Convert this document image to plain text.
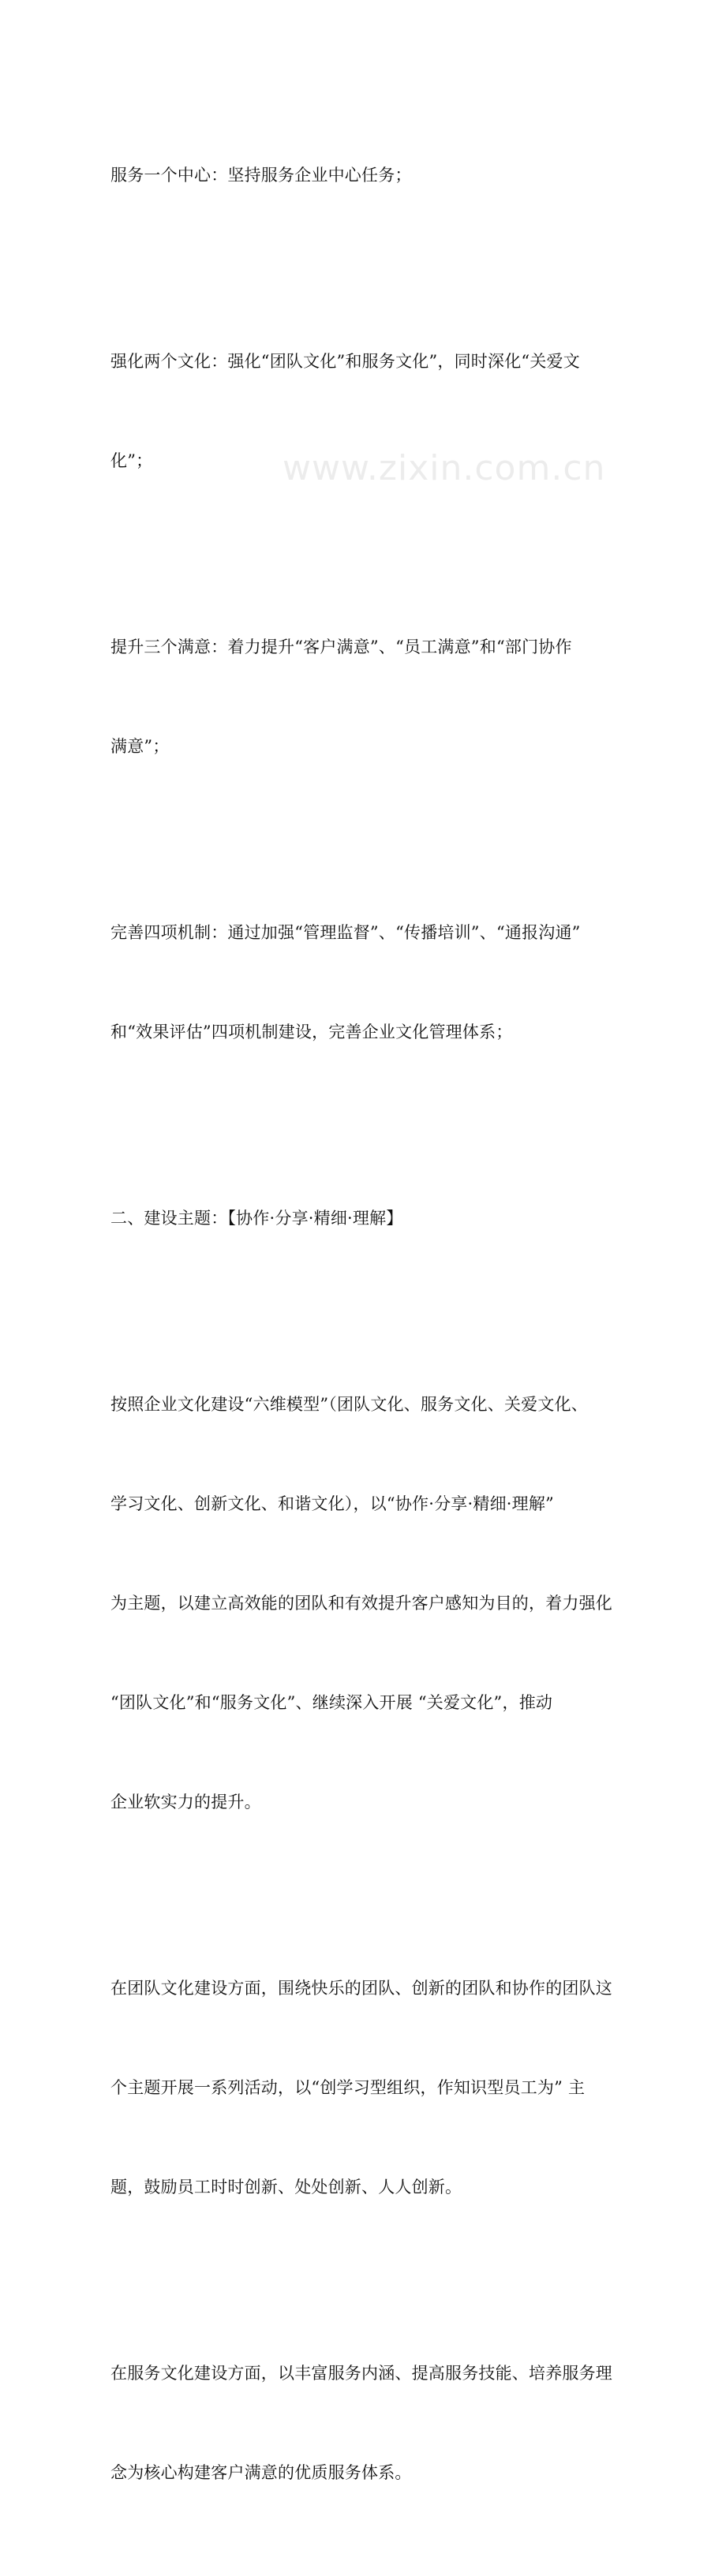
www.zixin.com.cn

服务一个中心：坚持服务企业中心任务；

强化两个文化：强化“团队文化”和服务文化”，同时深化“关爱文

化”；

提升三个满意：着力提升“客户满意”、“员工满意”和“部门协作

满意”；

完善四项机制：通过加强“管理监督”、“传播培训”、“通报沟通”

和“效果评估”四项机制建设，完善企业文化管理体系；

二、建设主题：【协作·分享·精细·理解】

按照企业文化建设“六维模型”（团队文化、服务文化、关爱文化、

学习文化、创新文化、和谐文化），以“协作·分享·精细·理解”

为主题，以建立高效能的团队和有效提升客户感知为目的，着力强化

“团队文化”和“服务文化”、继续深入开展 “关爱文化”，推动

企业软实力的提升。

在团队文化建设方面，围绕快乐的团队、创新的团队和协作的团队这

个主题开展一系列活动，以“创学习型组织，作知识型员工为” 主

题，鼓励员工时时创新、处处创新、人人创新。

在服务文化建设方面，以丰富服务内涵、提高服务技能、培养服务理

念为核心构建客户满意的优质服务体系。
